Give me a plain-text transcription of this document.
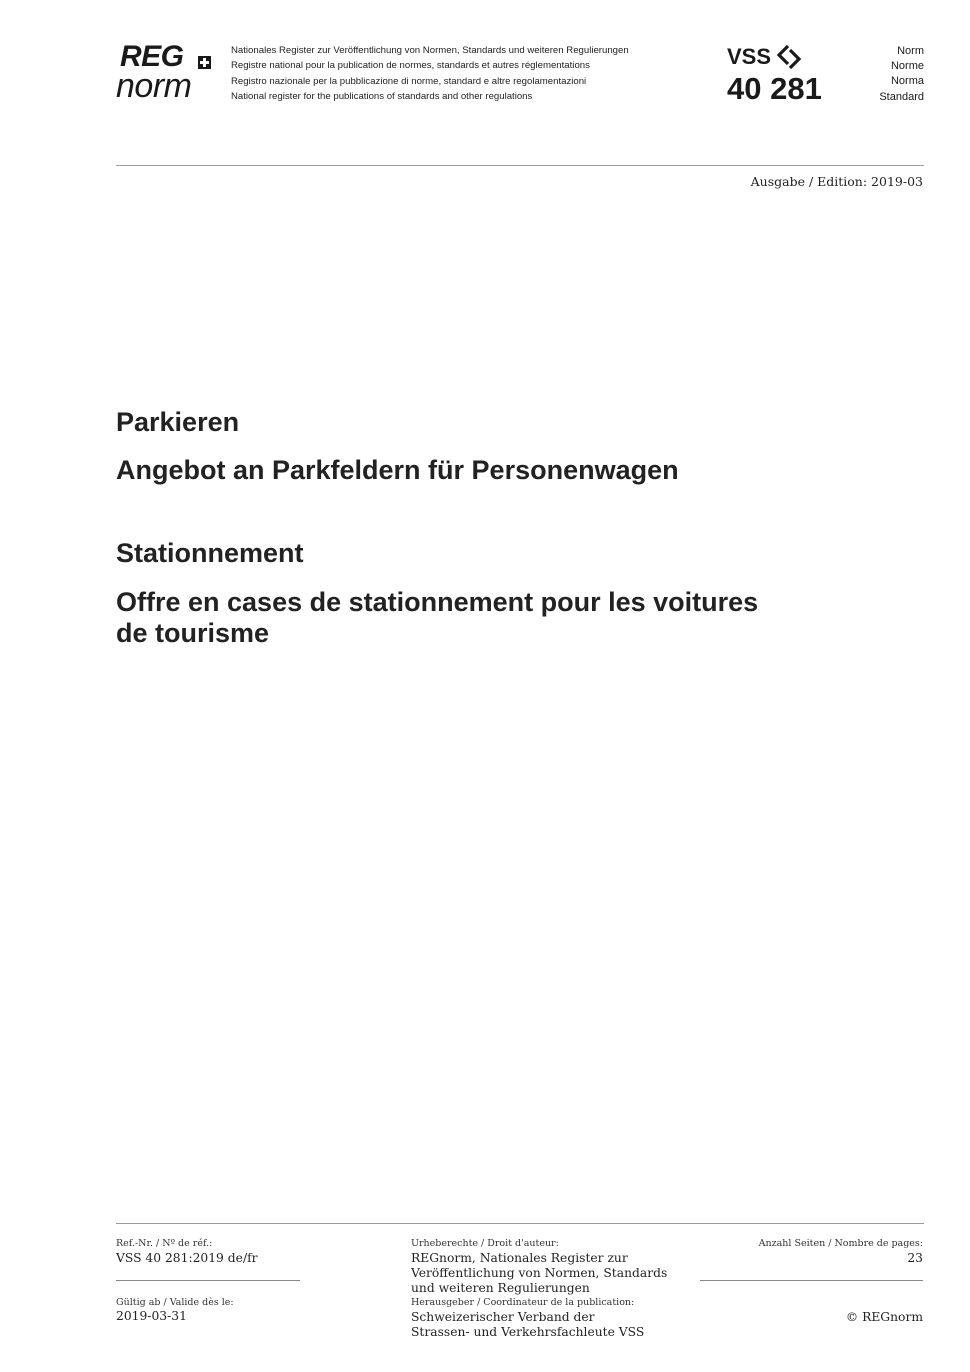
REG
norm
Nationales Register zur Veröffentlichung von Normen, Standards und weiteren Regulierungen
Registre national pour la publication de normes, standards et autres réglementations
Registro nazionale per la pubblicazione di norme, standard e altre regolamentazioni
National register for the publications of standards and other regulations
VSS
40 281
Norm
Norme
Norma
Standard
Ausgabe / Edition: 2019-03
Parkieren
Angebot an Parkfeldern für Personenwagen
Stationnement
Offre en cases de stationnement pour les voitures
de tourisme
Ref.-Nr. / Nº de réf.:
VSS 40 281:2019 de/fr
Gültig ab / Valide dès le:
2019-03-31
Urheberechte / Droit d'auteur:
REGnorm, Nationales Register zur
Veröffentlichung von Normen, Standards
und weiteren Regulierungen
Herausgeber / Coordinateur de la publication:
Schweizerischer Verband der
Strassen- und Verkehrsfachleute VSS
Anzahl Seiten / Nombre de pages:
23
© REGnorm
